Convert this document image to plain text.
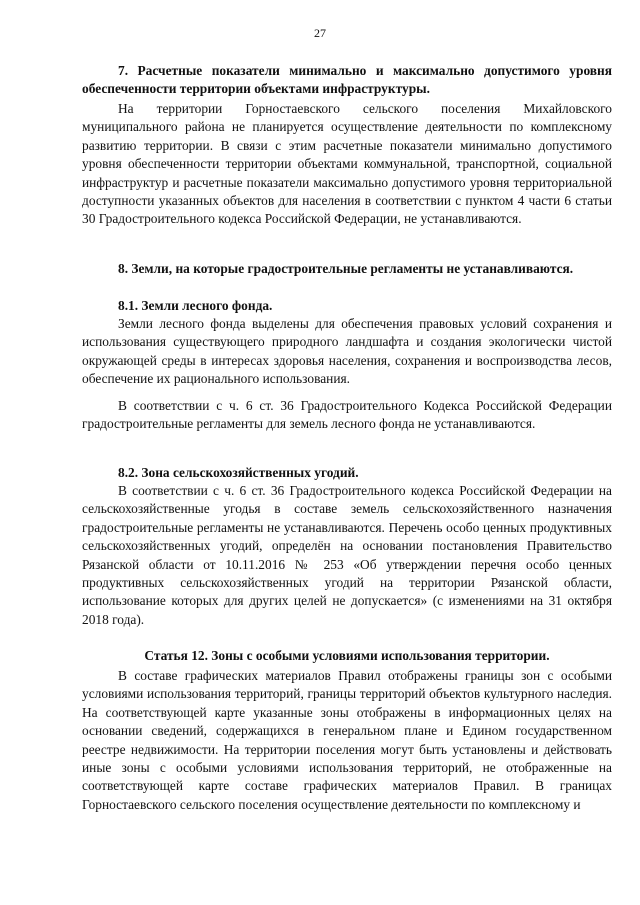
27

7. Расчетные показатели минимально и максимально допустимого уровня обеспеченности территории объектами инфраструктуры.

На территории Горностаевского сельского поселения Михайловского муниципального района не планируется осуществление деятельности по комплексному развитию территории. В связи с этим расчетные показатели минимально допустимого уровня обеспеченности территории объектами коммунальной, транспортной, социальной инфраструктур и расчетные показатели максимально допустимого уровня территориальной доступности указанных объектов для населения в соответствии с пунктом 4 части 6 статьи 30 Градостроительного кодекса Российской Федерации, не устанавливаются.

8. Земли, на которые градостроительные регламенты не устанавливаются.

8.1. Земли лесного фонда.

Земли лесного фонда выделены для обеспечения правовых условий сохранения и использования существующего природного ландшафта и создания экологически чистой окружающей среды в интересах здоровья населения, сохранения и воспроизводства лесов, обеспечение их рационального использования.

В соответствии с ч. 6 ст. 36 Градостроительного Кодекса Российской Федерации градостроительные регламенты для земель лесного фонда не устанавливаются.

8.2. Зона сельскохозяйственных угодий.

В соответствии с ч. 6 ст. 36 Градостроительного кодекса Российской Федерации на сельскохозяйственные угодья в составе земель сельскохозяйственного назначения градостроительные регламенты не устанавливаются. Перечень особо ценных продуктивных сельскохозяйственных угодий, определён на основании постановления Правительство Рязанской области от 10.11.2016 № 253 «Об утверждении перечня особо ценных продуктивных сельскохозяйственных угодий на территории Рязанской области, использование которых для других целей не допускается» (с изменениями на 31 октября 2018 года).

Статья 12. Зоны с особыми условиями использования территории.

В составе графических материалов Правил отображены границы зон с особыми условиями использования территорий, границы территорий объектов культурного наследия. На соответствующей карте указанные зоны отображены в информационных целях на основании сведений, содержащихся в генеральном плане и Едином государственном реестре недвижимости. На территории поселения могут быть установлены и действовать иные зоны с особыми условиями использования территорий, не отображенные на соответствующей карте составе графических материалов Правил. В границах Горностаевского сельского поселения осуществление деятельности по комплексному и
